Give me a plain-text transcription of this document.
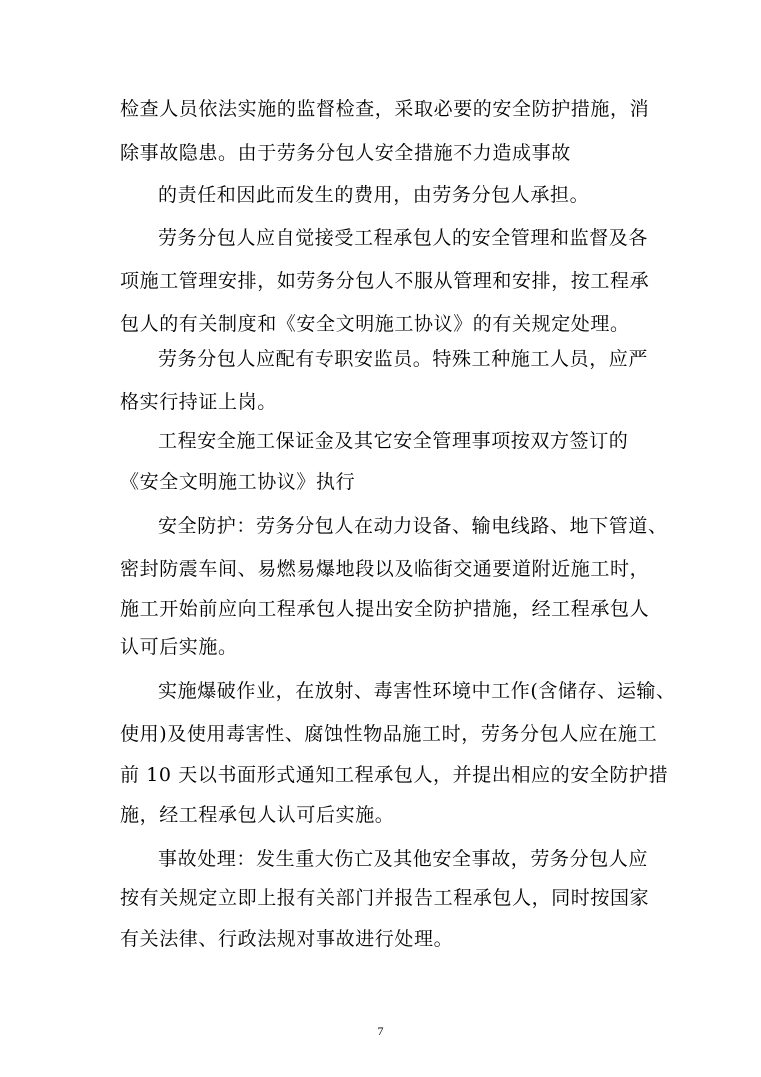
检查人员依法实施的监督检查，采取必要的安全防护措施，消
除事故隐患。由于劳务分包人安全措施不力造成事故
的责任和因此而发生的费用，由劳务分包人承担。
劳务分包人应自觉接受工程承包人的安全管理和监督及各
项施工管理安排，如劳务分包人不服从管理和安排，按工程承
包人的有关制度和《安全文明施工协议》的有关规定处理。
劳务分包人应配有专职安监员。特殊工种施工人员，应严
格实行持证上岗。
工程安全施工保证金及其它安全管理事项按双方签订的
《安全文明施工协议》执行
安全防护：劳务分包人在动力设备、输电线路、地下管道、
密封防震车间、易燃易爆地段以及临街交通要道附近施工时，
施工开始前应向工程承包人提出安全防护措施，经工程承包人
认可后实施。
实施爆破作业，在放射、毒害性环境中工作(含储存、运输、
使用)及使用毒害性、腐蚀性物品施工时，劳务分包人应在施工
前 10 天以书面形式通知工程承包人，并提出相应的安全防护措
施，经工程承包人认可后实施。
事故处理：发生重大伤亡及其他安全事故，劳务分包人应
按有关规定立即上报有关部门并报告工程承包人，同时按国家
有关法律、行政法规对事故进行处理。
7
